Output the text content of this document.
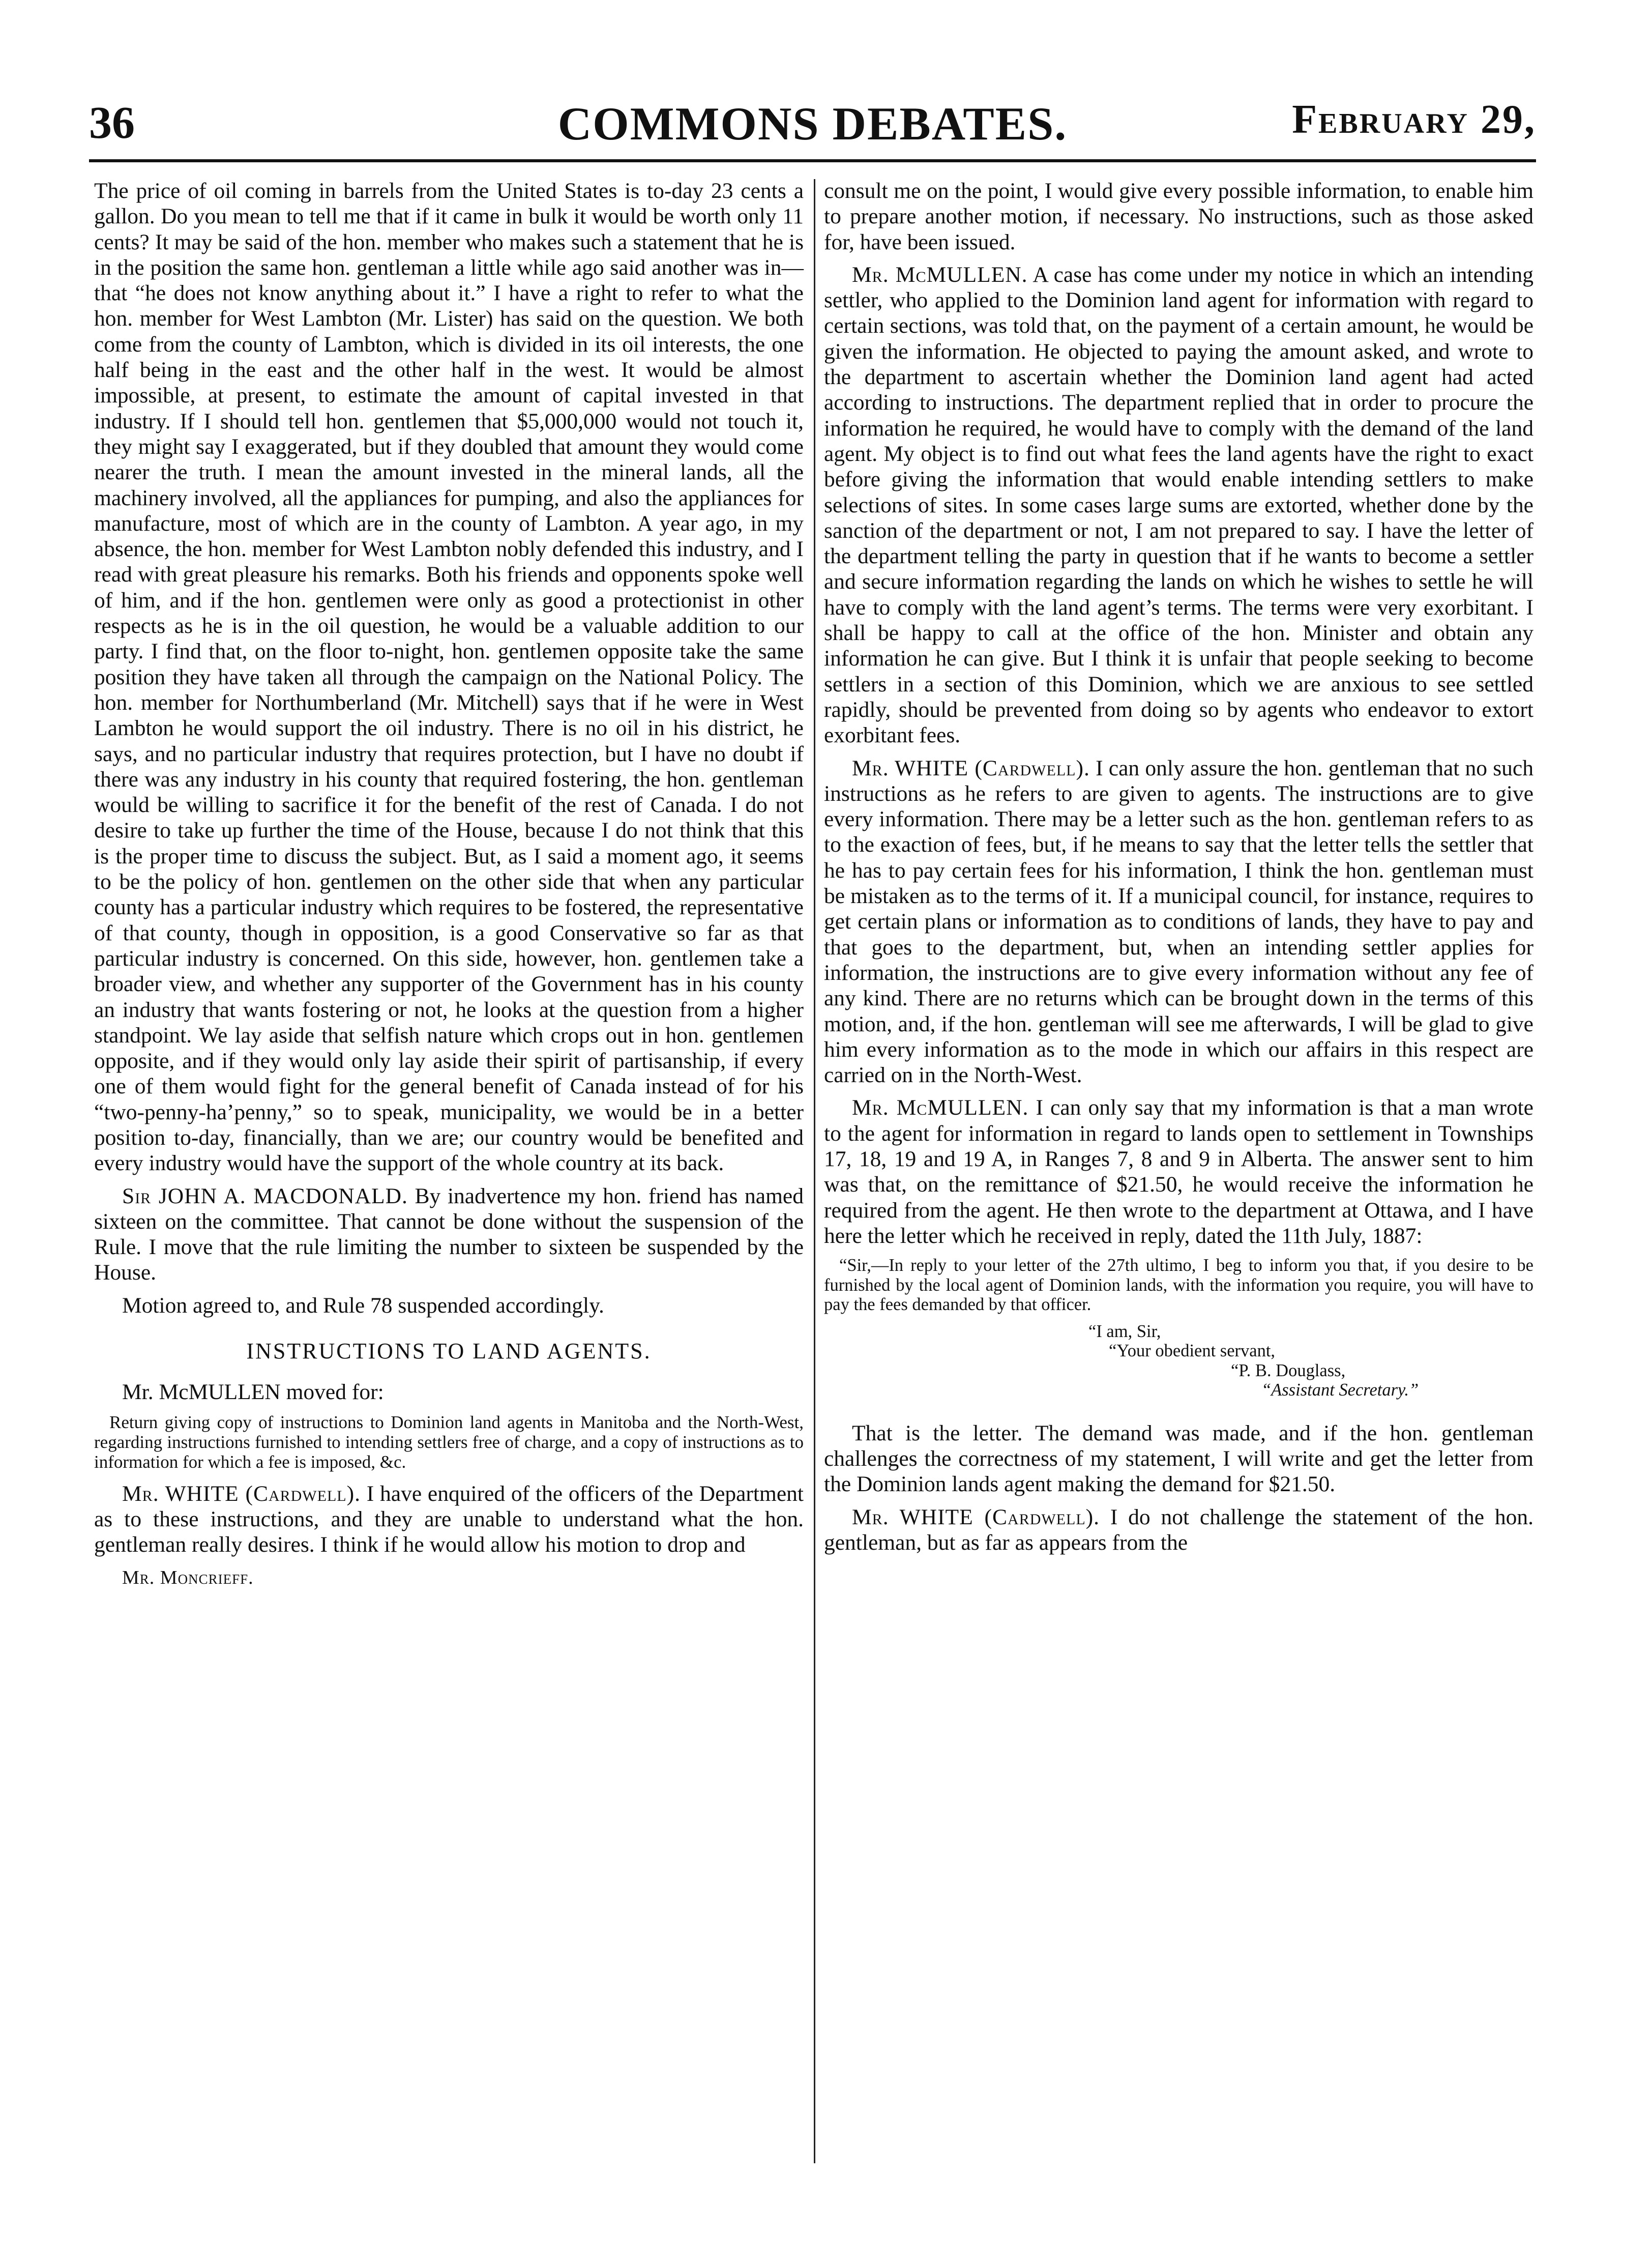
36	COMMONS DEBATES.	February 29,

The price of oil coming in barrels from the United States is to-day 23 cents a gallon. Do you mean to tell me that if it came in bulk it would be worth only 11 cents? It may be said of the hon. member who makes such a statement that he is in the position the same hon. gentleman a little while ago said another was in—that “he does not know anything about it.” I have a right to refer to what the hon. member for West Lambton (Mr. Lister) has said on the question. We both come from the county of Lambton, which is divided in its oil interests, the one half being in the east and the other half in the west. It would be almost impossible, at present, to estimate the amount of capital invested in that industry. If I should tell hon. gentlemen that $5,000,000 would not touch it, they might say I exaggerated, but if they doubled that amount they would come nearer the truth. I mean the amount invested in the mineral lands, all the machinery involved, all the appliances for pumping, and also the appliances for manufacture, most of which are in the county of Lambton. A year ago, in my absence, the hon. member for West Lambton nobly defended this industry, and I read with great pleasure his remarks. Both his friends and opponents spoke well of him, and if the hon. gentlemen were only as good a protectionist in other respects as he is in the oil question, he would be a valuable addition to our party. I find that, on the floor to-night, hon. gentlemen opposite take the same position they have taken all through the campaign on the National Policy. The hon. member for Northumberland (Mr. Mitchell) says that if he were in West Lambton he would support the oil industry. There is no oil in his district, he says, and no particular industry that requires protection, but I have no doubt if there was any industry in his county that required fostering, the hon. gentleman would be willing to sacrifice it for the benefit of the rest of Canada. I do not desire to take up further the time of the House, because I do not think that this is the proper time to discuss the subject. But, as I said a moment ago, it seems to be the policy of hon. gentlemen on the other side that when any particular county has a particular industry which requires to be fostered, the representative of that county, though in opposition, is a good Conservative so far as that particular industry is concerned. On this side, however, hon. gentlemen take a broader view, and whether any supporter of the Government has in his county an industry that wants fostering or not, he looks at the question from a higher standpoint. We lay aside that selfish nature which crops out in hon. gentlemen opposite, and if they would only lay aside their spirit of partisanship, if every one of them would fight for the general benefit of Canada instead of for his “two-penny-ha’penny,” so to speak, municipality, we would be in a better position to-day, financially, than we are; our country would be benefited and every industry would have the support of the whole country at its back.

Sir JOHN A. MACDONALD. By inadvertence my hon. friend has named sixteen on the committee. That cannot be done without the suspension of the Rule. I move that the rule limiting the number to sixteen be suspended by the House.

Motion agreed to, and Rule 78 suspended accordingly.

INSTRUCTIONS TO LAND AGENTS.

Mr. McMULLEN moved for:

Return giving copy of instructions to Dominion land agents in Manitoba and the North-West, regarding instructions furnished to intending settlers free of charge, and a copy of instructions as to information for which a fee is imposed, &c.

Mr. WHITE (Cardwell). I have enquired of the officers of the Department as to these instructions, and they are unable to understand what the hon. gentleman really desires. I think if he would allow his motion to drop and

Mr. Moncrieff.

consult me on the point, I would give every possible information, to enable him to prepare another motion, if necessary. No instructions, such as those asked for, have been issued.

Mr. McMULLEN. A case has come under my notice in which an intending settler, who applied to the Dominion land agent for information with regard to certain sections, was told that, on the payment of a certain amount, he would be given the information. He objected to paying the amount asked, and wrote to the department to ascertain whether the Dominion land agent had acted according to instructions. The department replied that in order to procure the information he required, he would have to comply with the demand of the land agent. My object is to find out what fees the land agents have the right to exact before giving the information that would enable intending settlers to make selections of sites. In some cases large sums are extorted, whether done by the sanction of the department or not, I am not prepared to say. I have the letter of the department telling the party in question that if he wants to become a settler and secure information regarding the lands on which he wishes to settle he will have to comply with the land agent’s terms. The terms were very exorbitant. I shall be happy to call at the office of the hon. Minister and obtain any information he can give. But I think it is unfair that people seeking to become settlers in a section of this Dominion, which we are anxious to see settled rapidly, should be prevented from doing so by agents who endeavor to extort exorbitant fees.

Mr. WHITE (Cardwell). I can only assure the hon. gentleman that no such instructions as he refers to are given to agents. The instructions are to give every information. There may be a letter such as the hon. gentleman refers to as to the exaction of fees, but, if he means to say that the letter tells the settler that he has to pay certain fees for his information, I think the hon. gentleman must be mistaken as to the terms of it. If a municipal council, for instance, requires to get certain plans or information as to conditions of lands, they have to pay and that goes to the department, but, when an intending settler applies for information, the instructions are to give every information without any fee of any kind. There are no returns which can be brought down in the terms of this motion, and, if the hon. gentleman will see me afterwards, I will be glad to give him every information as to the mode in which our affairs in this respect are carried on in the North-West.

Mr. McMULLEN. I can only say that my information is that a man wrote to the agent for information in regard to lands open to settlement in Townships 17, 18, 19 and 19 A, in Ranges 7, 8 and 9 in Alberta. The answer sent to him was that, on the remittance of $21.50, he would receive the information he required from the agent. He then wrote to the department at Ottawa, and I have here the letter which he received in reply, dated the 11th July, 1887:

“Sir,—In reply to your letter of the 27th ultimo, I beg to inform you that, if you desire to be furnished by the local agent of Dominion lands, with the information you require, you will have to pay the fees demanded by that officer.

“I am, Sir,

“Your obedient servant,

“P. B. Douglass,

“Assistant Secretary.”

That is the letter. The demand was made, and if the hon. gentleman challenges the correctness of my statement, I will write and get the letter from the Dominion lands agent making the demand for $21.50.

Mr. WHITE (Cardwell). I do not challenge the statement of the hon. gentleman, but as far as appears from the
